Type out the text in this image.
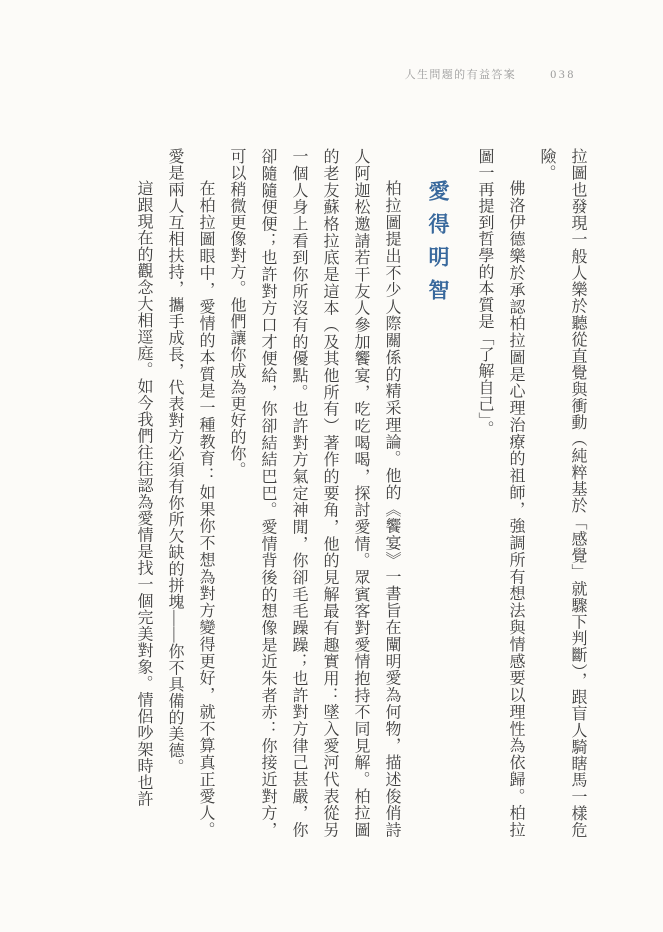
人生問題的有益答案	038

拉圖也發現一般人樂於聽從直覺與衝動（純粹基於「感覺」就驟下判斷），跟盲人騎瞎馬一樣危險。

佛洛伊德樂於承認柏拉圖是心理治療的祖師，強調所有想法與情感要以理性為依歸。柏拉圖一再提到哲學的本質是「了解自己」。

愛得明智

柏拉圖提出不少人際關係的精采理論。他的《饗宴》一書旨在闡明愛為何物，描述俊俏詩人阿迦松邀請若干友人參加饗宴，吃吃喝喝，探討愛情。眾賓客對愛情抱持不同見解。柏拉圖的老友蘇格拉底是這本（及其他所有）著作的要角，他的見解最有趣實用：墜入愛河代表從另一個人身上看到你所沒有的優點。也許對方氣定神閒，你卻毛毛躁躁；也許對方律己甚嚴，你卻隨隨便便；也許對方口才便給，你卻結結巴巴。愛情背後的想像是近朱者赤：你接近對方，可以稍微更像對方。他們讓你成為更好的你。

在柏拉圖眼中，愛情的本質是一種教育：如果你不想為對方變得更好，就不算真正愛人。愛是兩人互相扶持，攜手成長，代表對方必須有你所欠缺的拼塊——你不具備的美德。

這跟現在的觀念大相逕庭。如今我們往往認為愛情是找一個完美對象。情侶吵架時也許
